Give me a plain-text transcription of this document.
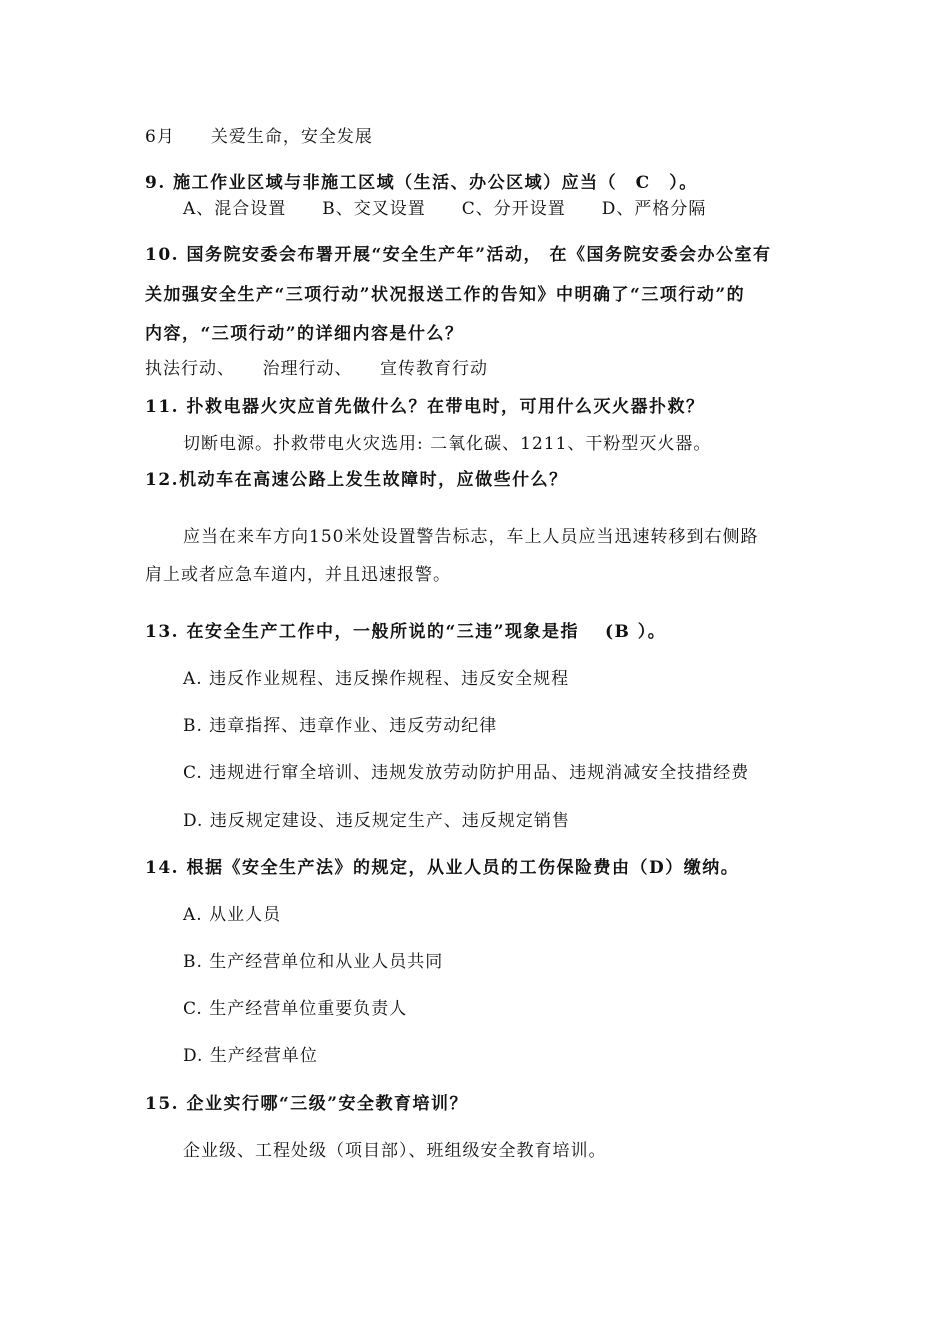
6月　　关爱生命，安全发展
9. 施工作业区域与非施工区域（生活、办公区域）应当（　C　）。
A、混合设置　　B、交叉设置　　C、分开设置　　D、严格分隔
10. 国务院安委会布署开展“安全生产年”活动， 在《国务院安委会办公室有
关加强安全生产“三项行动”状况报送工作的告知》中明确了“三项行动”的
内容，“三项行动”的详细内容是什么？
执法行动、　　治理行动、　　宣传教育行动
11. 扑救电器火灾应首先做什么？在带电时，可用什么灭火器扑救？
切断电源。扑救带电火灾选用: 二氧化碳、1211、干粉型灭火器。
12.机动车在高速公路上发生故障时，应做些什么？
应当在来车方向150米处设置警告标志，车上人员应当迅速转移到右侧路
肩上或者应急车道内，并且迅速报警。
13. 在安全生产工作中，一般所说的“三违”现象是指　 (B ）。
A. 违反作业规程、违反操作规程、违反安全规程
B. 违章指挥、违章作业、违反劳动纪律
C. 违规进行窜全培训、违规发放劳动防护用品、违规消减安全技措经费
D. 违反规定建设、违反规定生产、违反规定销售
14. 根据《安全生产法》的规定，从业人员的工伤保险费由（D）缴纳。
A. 从业人员
B. 生产经营单位和从业人员共同
C. 生产经营单位重要负责人
D. 生产经营单位
15. 企业实行哪“三级”安全教育培训？
企业级、工程处级（项目部）、班组级安全教育培训。
